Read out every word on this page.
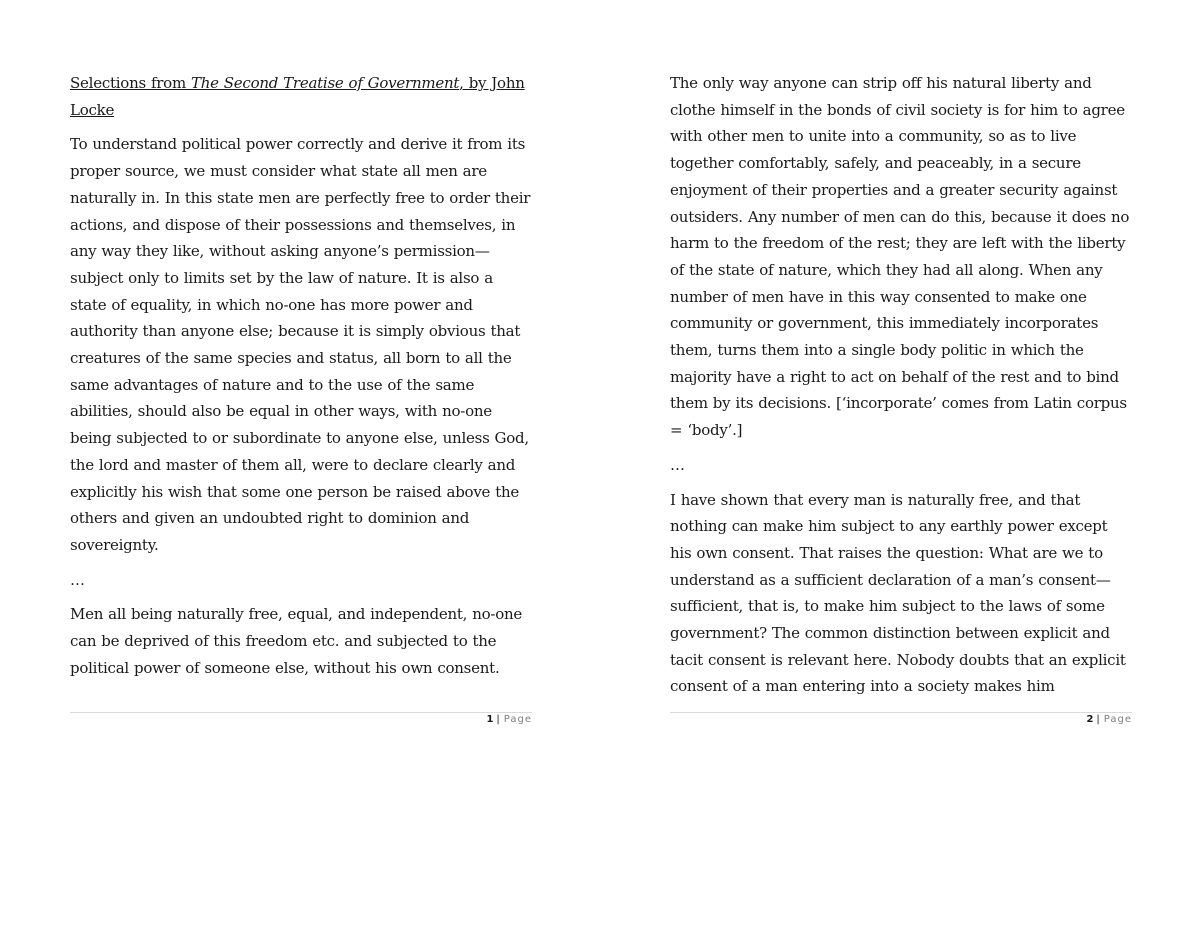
Selections from The Second Treatise of Government, by John Locke

To understand political power correctly and derive it from its proper source, we must consider what state all men are naturally in. In this state men are perfectly free to order their actions, and dispose of their possessions and themselves, in any way they like, without asking anyone’s permission—subject only to limits set by the law of nature. It is also a state of equality, in which no-one has more power and authority than anyone else; because it is simply obvious that creatures of the same species and status, all born to all the same advantages of nature and to the use of the same abilities, should also be equal in other ways, with no-one being subjected to or subordinate to anyone else, unless God, the lord and master of them all, were to declare clearly and explicitly his wish that some one person be raised above the others and given an undoubted right to dominion and sovereignty.

…

Men all being naturally free, equal, and independent, no-one can be deprived of this freedom etc. and subjected to the political power of someone else, without his own consent.

1 | Page

The only way anyone can strip off his natural liberty and clothe himself in the bonds of civil society is for him to agree with other men to unite into a community, so as to live together comfortably, safely, and peaceably, in a secure enjoyment of their properties and a greater security against outsiders. Any number of men can do this, because it does no harm to the freedom of the rest; they are left with the liberty of the state of nature, which they had all along. When any number of men have in this way consented to make one community or government, this immediately incorporates them, turns them into a single body politic in which the majority have a right to act on behalf of the rest and to bind them by its decisions. [‘incorporate’ comes from Latin corpus = ‘body’.]

…

I have shown that every man is naturally free, and that nothing can make him subject to any earthly power except his own consent. That raises the question: What are we to understand as a sufficient declaration of a man’s consent—sufficient, that is, to make him subject to the laws of some government? The common distinction between explicit and tacit consent is relevant here. Nobody doubts that an explicit consent of a man entering into a society makes him

2 | Page
